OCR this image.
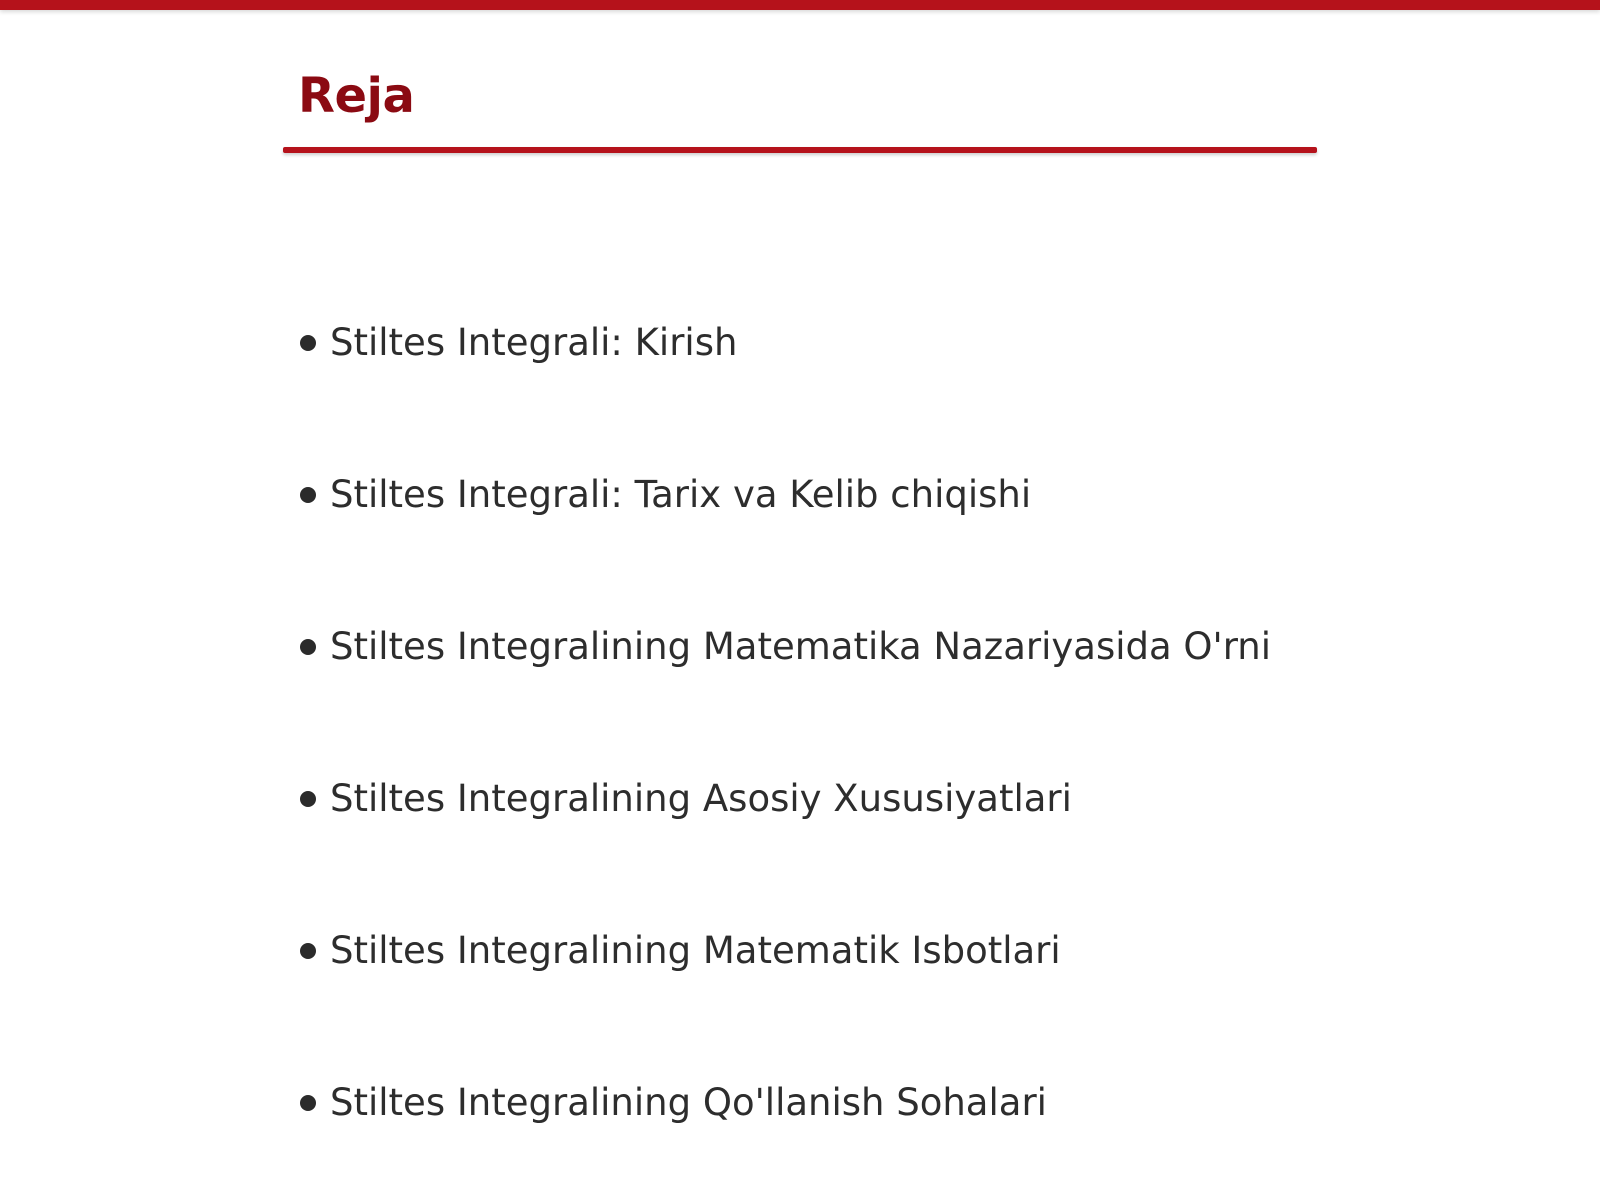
Reja
Stiltes Integrali: Kirish
Stiltes Integrali: Tarix va Kelib chiqishi
Stiltes Integralining Matematika Nazariyasida O'rni
Stiltes Integralining Asosiy Xususiyatlari
Stiltes Integralining Matematik Isbotlari
Stiltes Integralining Qo'llanish Sohalari
